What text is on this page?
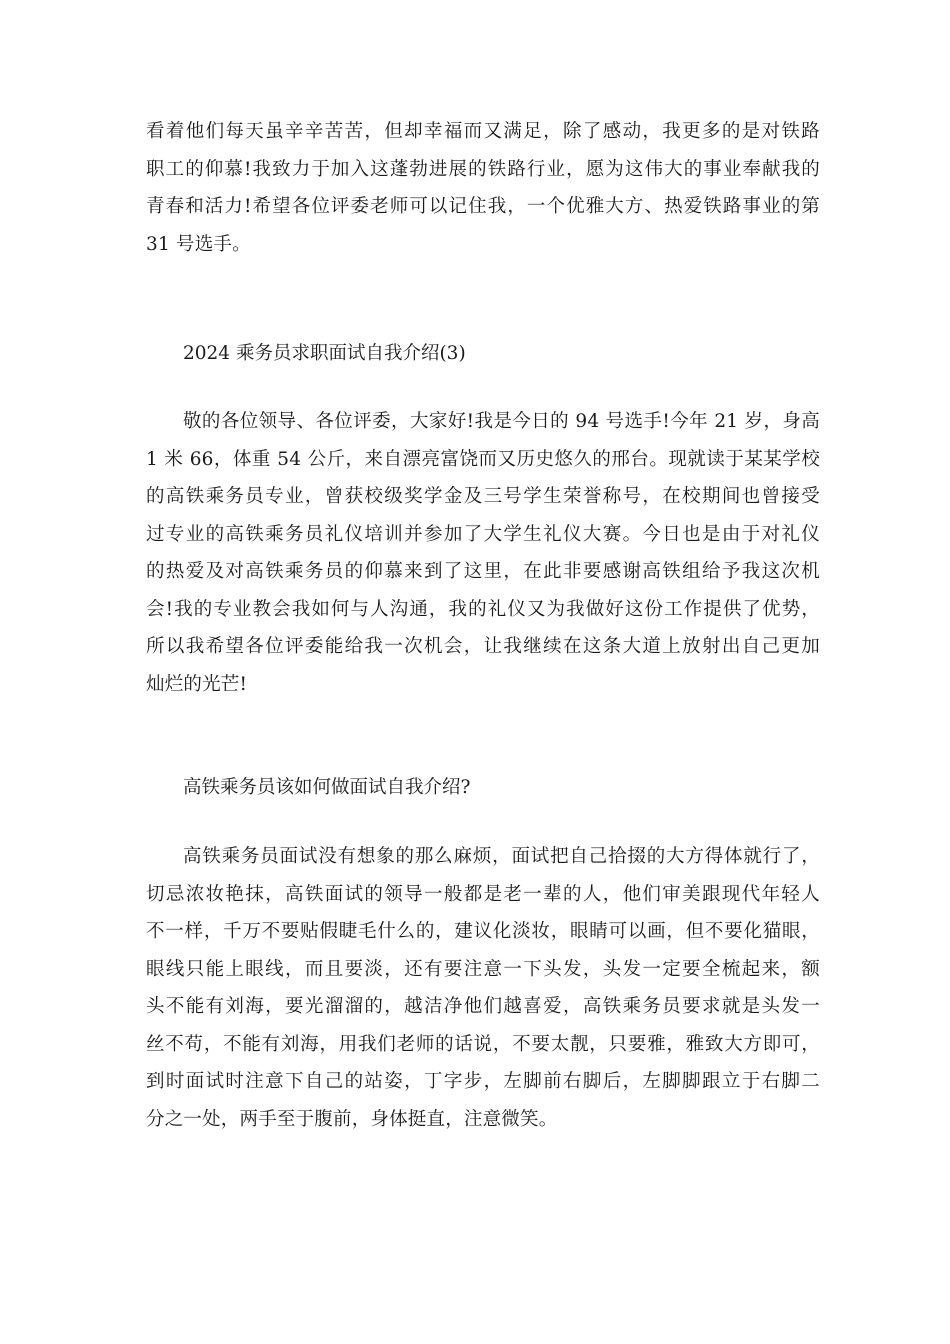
看着他们每天虽辛辛苦苦，但却幸福而又满足，除了感动，我更多的是对铁路
职工的仰慕!我致力于加入这蓬勃进展的铁路行业，愿为这伟大的事业奉献我的
青春和活力!希望各位评委老师可以记住我，一个优雅大方、热爱铁路事业的第
31 号选手。
2024 乘务员求职面试自我介绍(3)
敬的各位领导、各位评委，大家好!我是今日的 94 号选手!今年 21 岁，身高
1 米 66，体重 54 公斤，来自漂亮富饶而又历史悠久的邢台。现就读于某某学校
的高铁乘务员专业，曾获校级奖学金及三号学生荣誉称号，在校期间也曾接受
过专业的高铁乘务员礼仪培训并参加了大学生礼仪大赛。今日也是由于对礼仪
的热爱及对高铁乘务员的仰慕来到了这里，在此非要感谢高铁组给予我这次机
会!我的专业教会我如何与人沟通，我的礼仪又为我做好这份工作提供了优势，
所以我希望各位评委能给我一次机会，让我继续在这条大道上放射出自己更加
灿烂的光芒!
高铁乘务员该如何做面试自我介绍?
高铁乘务员面试没有想象的那么麻烦，面试把自己拾掇的大方得体就行了，
切忌浓妆艳抹，高铁面试的领导一般都是老一辈的人，他们审美跟现代年轻人
不一样，千万不要贴假睫毛什么的，建议化淡妆，眼睛可以画，但不要化猫眼，
眼线只能上眼线，而且要淡，还有要注意一下头发，头发一定要全梳起来，额
头不能有刘海，要光溜溜的，越洁净他们越喜爱，高铁乘务员要求就是头发一
丝不苟，不能有刘海，用我们老师的话说，不要太靓，只要雅，雅致大方即可，
到时面试时注意下自己的站姿，丁字步，左脚前右脚后，左脚脚跟立于右脚二
分之一处，两手至于腹前，身体挺直，注意微笑。
